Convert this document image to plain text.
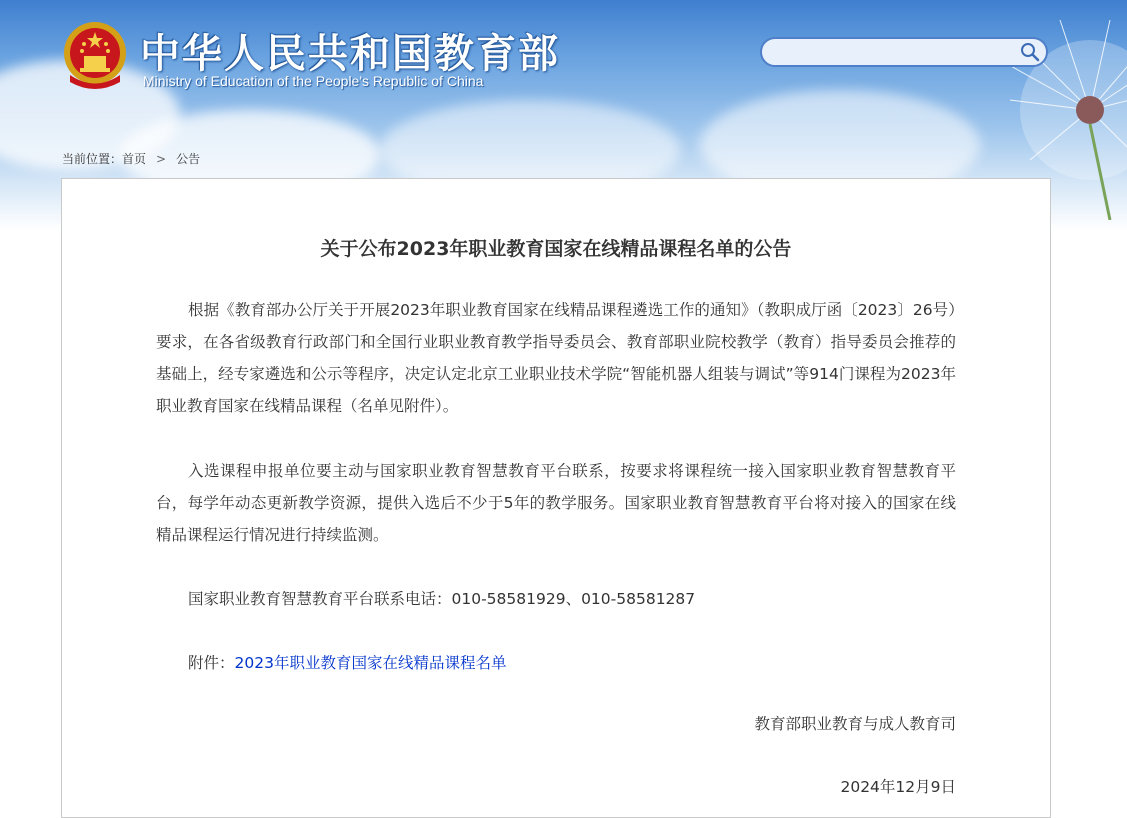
中华人民共和国教育部
Ministry of Education of the People's Republic of China
当前位置：首页 > 公告
关于公布2023年职业教育国家在线精品课程名单的公告
根据《教育部办公厅关于开展2023年职业教育国家在线精品课程遴选工作的通知》（教职成厅函〔2023〕26号）要求，在各省级教育行政部门和全国行业职业教育教学指导委员会、教育部职业院校教学（教育）指导委员会推荐的基础上，经专家遴选和公示等程序，决定认定北京工业职业技术学院“智能机器人组装与调试”等914门课程为2023年职业教育国家在线精品课程（名单见附件）。
入选课程申报单位要主动与国家职业教育智慧教育平台联系，按要求将课程统一接入国家职业教育智慧教育平台，每学年动态更新教学资源，提供入选后不少于5年的教学服务。国家职业教育智慧教育平台将对接入的国家在线精品课程运行情况进行持续监测。
国家职业教育智慧教育平台联系电话：010-58581929、010-58581287
附件：2023年职业教育国家在线精品课程名单
教育部职业教育与成人教育司
2024年12月9日
